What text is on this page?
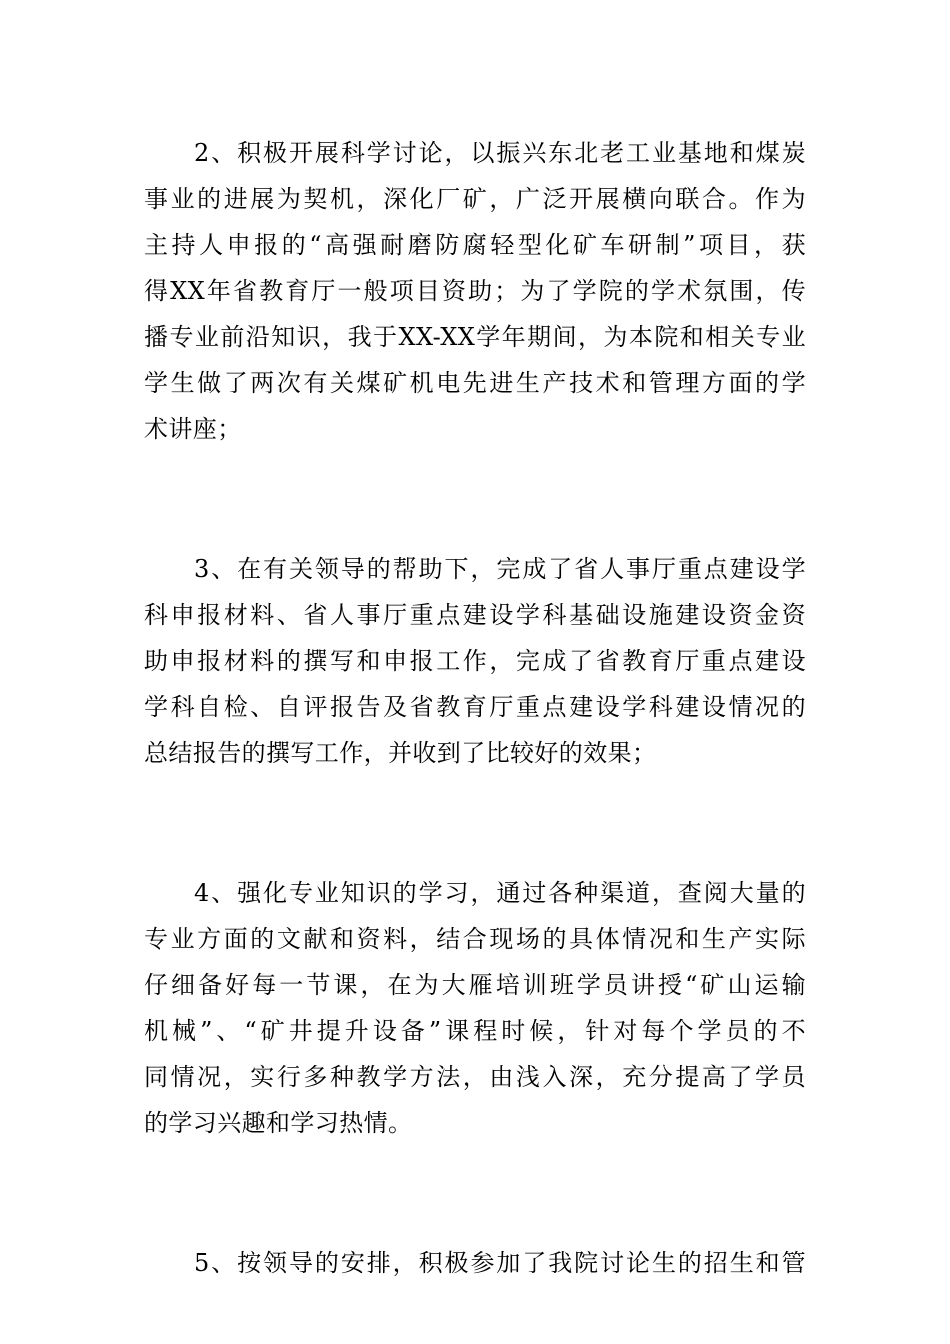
2、积极开展科学讨论，以振兴东北老工业基地和煤炭
事业的进展为契机，深化厂矿，广泛开展横向联合。作为
主持人申报的“高强耐磨防腐轻型化矿车研制”项目，获
得XX年省教育厅一般项目资助；为了学院的学术氛围，传
播专业前沿知识，我于XX-XX学年期间，为本院和相关专业
学生做了两次有关煤矿机电先进生产技术和管理方面的学
术讲座；
3、在有关领导的帮助下，完成了省人事厅重点建设学
科申报材料、省人事厅重点建设学科基础设施建设资金资
助申报材料的撰写和申报工作，完成了省教育厅重点建设
学科自检、自评报告及省教育厅重点建设学科建设情况的
总结报告的撰写工作，并收到了比较好的效果；
4、强化专业知识的学习，通过各种渠道，查阅大量的
专业方面的文献和资料，结合现场的具体情况和生产实际
仔细备好每一节课，在为大雁培训班学员讲授“矿山运输
机械”、“矿井提升设备”课程时候，针对每个学员的不
同情况，实行多种教学方法，由浅入深，充分提高了学员
的学习兴趣和学习热情。
5、按领导的安排，积极参加了我院讨论生的招生和管
